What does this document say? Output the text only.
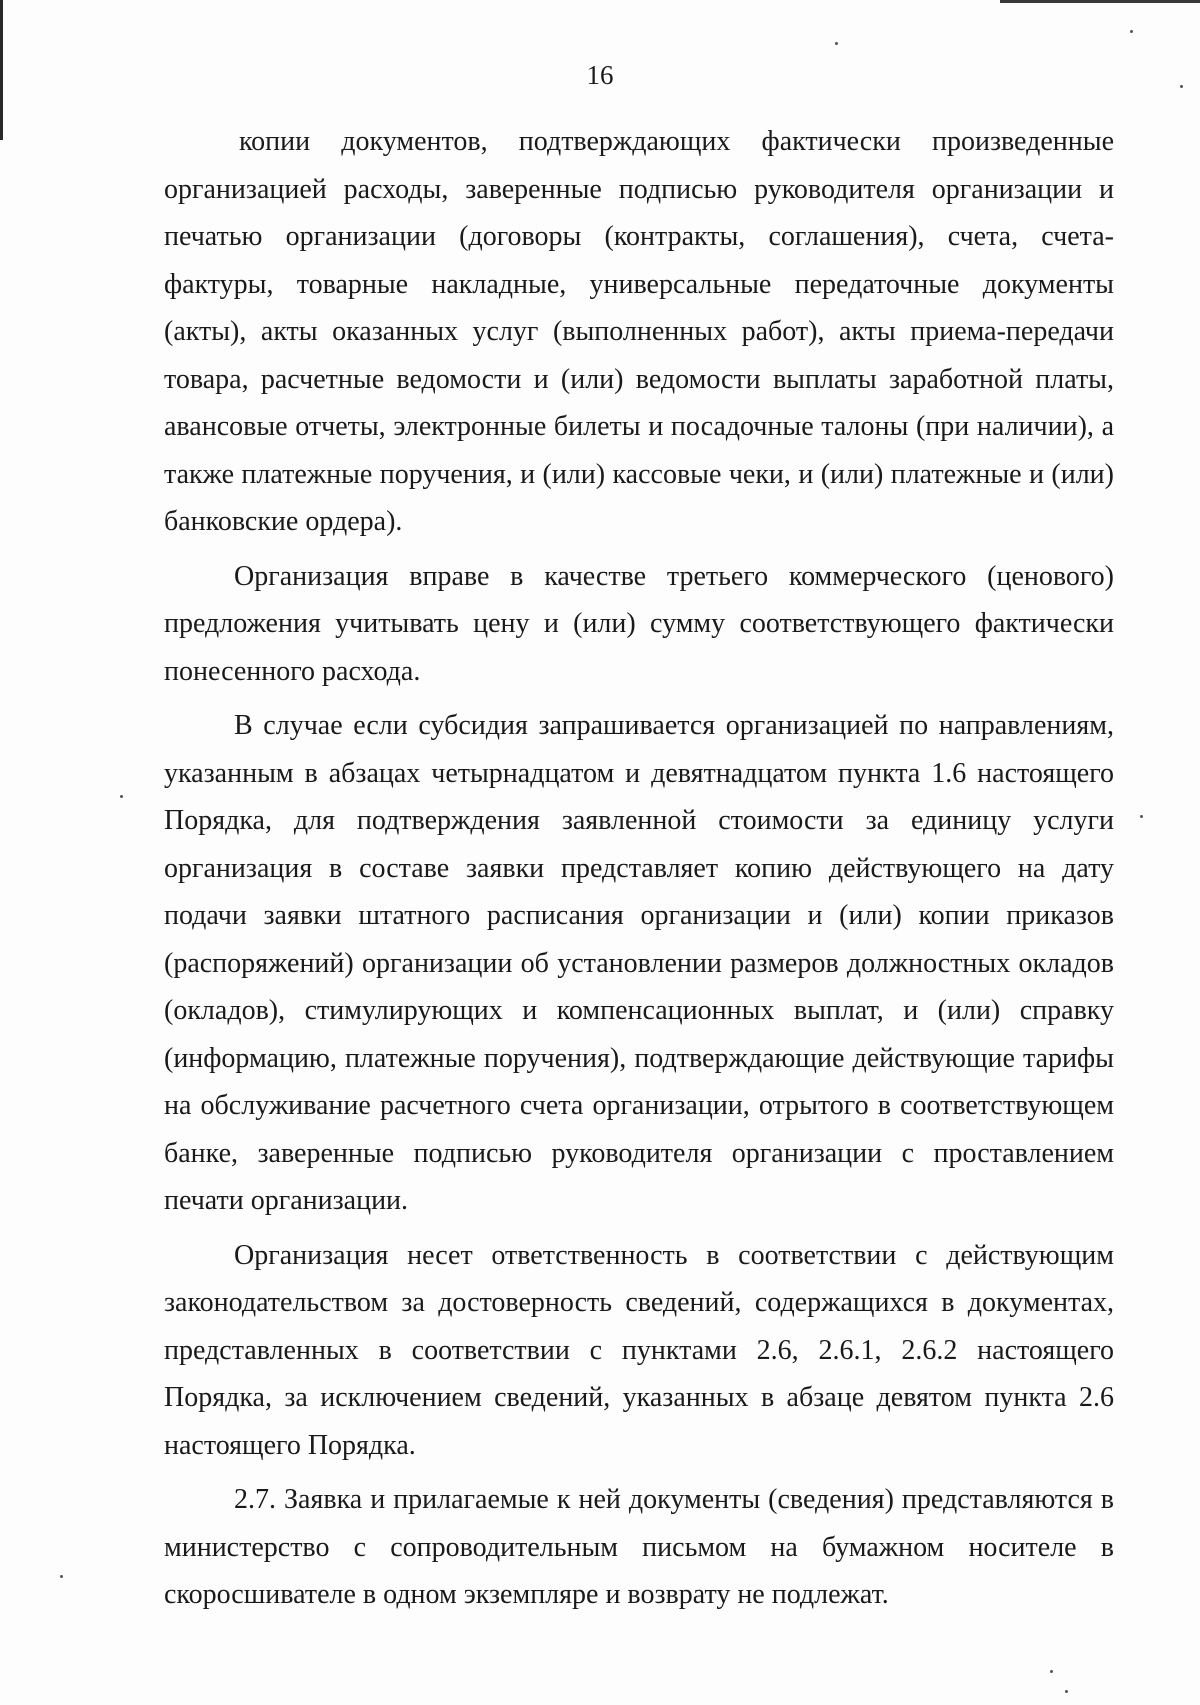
16

копии документов, подтверждающих фактически произведенные организацией расходы, заверенные подписью руководителя организации и печатью организации (договоры (контракты, соглашения), счета, счета-фактуры, товарные накладные, универсальные передаточные документы (акты), акты оказанных услуг (выполненных работ), акты приема-передачи товара, расчетные ведомости и (или) ведомости выплаты заработной платы, авансовые отчеты, электронные билеты и посадочные талоны (при наличии), а также платежные поручения, и (или) кассовые чеки, и (или) платежные и (или) банковские ордера).

Организация вправе в качестве третьего коммерческого (ценового) предложения учитывать цену и (или) сумму соответствующего фактически понесенного расхода.

В случае если субсидия запрашивается организацией по направлениям, указанным в абзацах четырнадцатом и девятнадцатом пункта 1.6 настоящего Порядка, для подтверждения заявленной стоимости за единицу услуги организация в составе заявки представляет копию действующего на дату подачи заявки штатного расписания организации и (или) копии приказов (распоряжений) организации об установлении размеров должностных окладов (окладов), стимулирующих и компенсационных выплат, и (или) справку (информацию, платежные поручения), подтверждающие действующие тарифы на обслуживание расчетного счета организации, отрытого в соответствующем банке, заверенные подписью руководителя организации с проставлением печати организации.

Организация несет ответственность в соответствии с действующим законодательством за достоверность сведений, содержащихся в документах, представленных в соответствии с пунктами 2.6, 2.6.1, 2.6.2 настоящего Порядка, за исключением сведений, указанных в абзаце девятом пункта 2.6 настоящего Порядка.

2.7. Заявка и прилагаемые к ней документы (сведения) представляются в министерство с сопроводительным письмом на бумажном носителе в скоросшивателе в одном экземпляре и возврату не подлежат.
